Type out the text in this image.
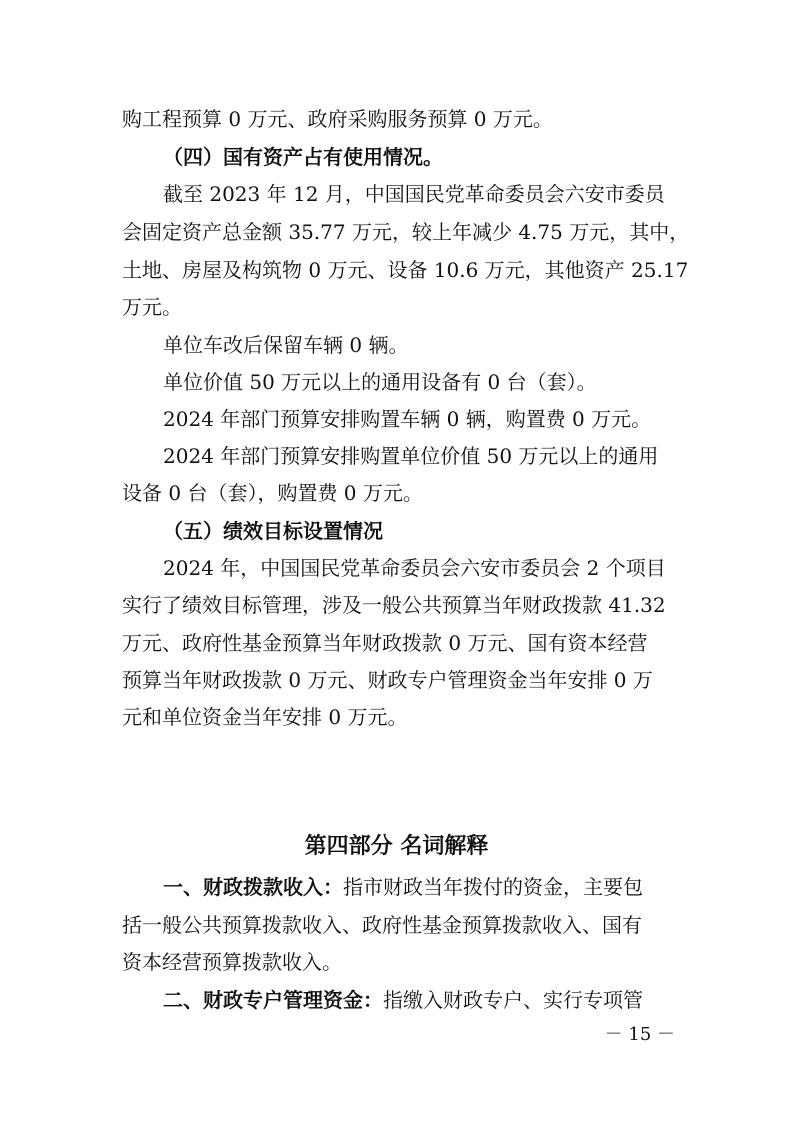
购工程预算 0 万元、政府采购服务预算 0 万元。
（四）国有资产占有使用情况。
截至 2023 年 12 月，中国国民党革命委员会六安市委员
会固定资产总金额 35.77 万元，较上年减少 4.75 万元，其中，
土地、房屋及构筑物 0 万元、设备 10.6 万元，其他资产 25.17
万元。
单位车改后保留车辆 0 辆。
单位价值 50 万元以上的通用设备有 0 台（套）。
2024 年部门预算安排购置车辆 0 辆，购置费 0 万元。
2024 年部门预算安排购置单位价值 50 万元以上的通用
设备 0 台（套），购置费 0 万元。
（五）绩效目标设置情况
2024 年，中国国民党革命委员会六安市委员会 2 个项目
实行了绩效目标管理，涉及一般公共预算当年财政拨款 41.32
万元、政府性基金预算当年财政拨款 0 万元、国有资本经营
预算当年财政拨款 0 万元、财政专户管理资金当年安排 0 万
元和单位资金当年安排 0 万元。
第四部分 名词解释
一、财政拨款收入：指市财政当年拨付的资金，主要包
括一般公共预算拨款收入、政府性基金预算拨款收入、国有
资本经营预算拨款收入。
二、财政专户管理资金：指缴入财政专户、实行专项管
－ 15 －
